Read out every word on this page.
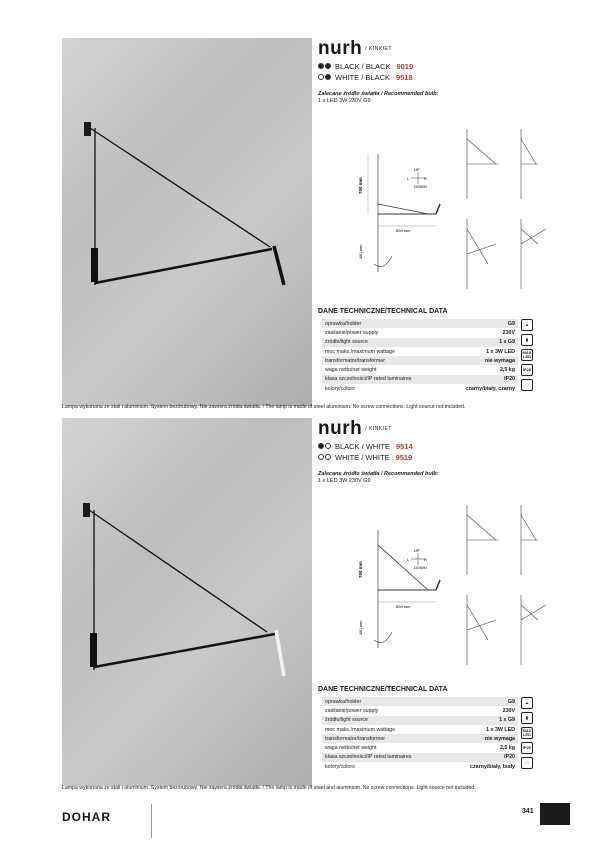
nurh / KINKIET
BLACK / BLACK 9019
WHITE / BLACK 9518
Zalecane źródło światła / Recommended bulb:
1 x LED 3W 230V G9
700 mm
800 mm
480 mm
UP
L	R
DOWN
DANE TECHNICZNE/TECHNICAL DATA
oprawka/holder	G9
zasilanie/power supply	230V
źródło/light source	1 x G9
moc maks./maximum wattage	1 x 3W LED
transformator/transformer	nie wymaga
waga netto/net weight	2,5 kg
klasa szczelności/IP rated luminaires	IP20
kolory/colors	czarny/biały, czarny
▲
▮
MAX LED
IP20
□
Lampa wykonana ze stali i aluminium. System bezśrubowy. Nie zawiera źródła światła. / The lamp is made of steel aluminium. No screw connections. Light source not included.
nurh / KINKIET
BLACK / WHITE 9514
WHITE / WHITE 9519
Zalecane źródło światła / Recommended bulb:
1 x LED 3W 230V G9
700 mm
800 mm
480 mm
UP
L	R
DOWN
DANE TECHNICZNE/TECHNICAL DATA
oprawka/holder	G9
zasilanie/power supply	230V
źródło/light source	1 x G9
moc maks./maximum wattage	1 x 3W LED
transformator/transformer	nie wymaga
waga netto/net weight	2,5 kg
klasa szczelności/IP rated luminaires	IP20
kolory/colors	czarny/biały, biały
▲
▮
MAX LED
IP20
□
Lampa wykonana ze stali i aluminium. System bezśrubowy. Nie zawiera źródła światła. / The lamp is made of steel and aluminium. No screw connections. Light source not included.
DOHAR	341
